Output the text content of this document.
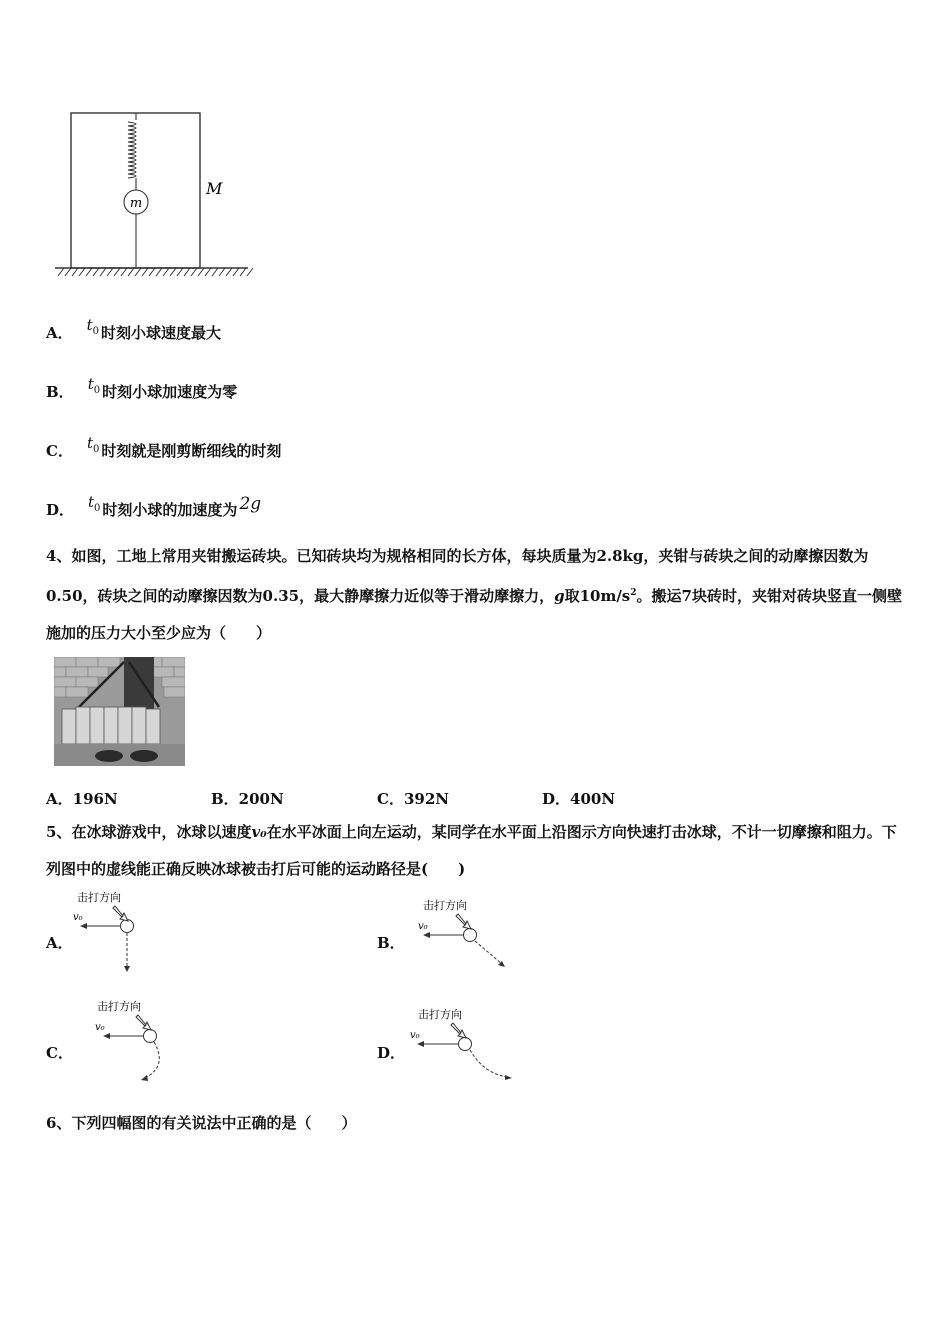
m
M
A． $t_0$ 时刻小球速度最大
B． $t_0$ 时刻小球加速度为零
C． $t_0$ 时刻就是刚剪断细线的时刻
D． $t_0$ 时刻小球的加速度为 2g
4、如图，工地上常用夹钳搬运砖块。已知砖块均为规格相同的长方体，每块质量为2.8kg，夹钳与砖块之间的动摩擦因数为0.50，砖块之间的动摩擦因数为0.35，最大静摩擦力近似等于滑动摩擦力，g取$10m/s^2$。搬运7块砖时，夹钳对砖块竖直一侧壁施加的压力大小至少应为（　　）
A．196N	B．200N	C．392N	D．400N
5、在冰球游戏中，冰球以速度v₀在水平冰面上向左运动，某同学在水平面上沿图示方向快速打击冰球，不计一切摩擦和阻力。下列图中的虚线能正确反映冰球被击打后可能的运动路径是(　　)
A．
击打方向
v₀
B．
击打方向
v₀
C．
击打方向
v₀
D．
击打方向
v₀
6、下列四幅图的有关说法中正确的是（　　）
